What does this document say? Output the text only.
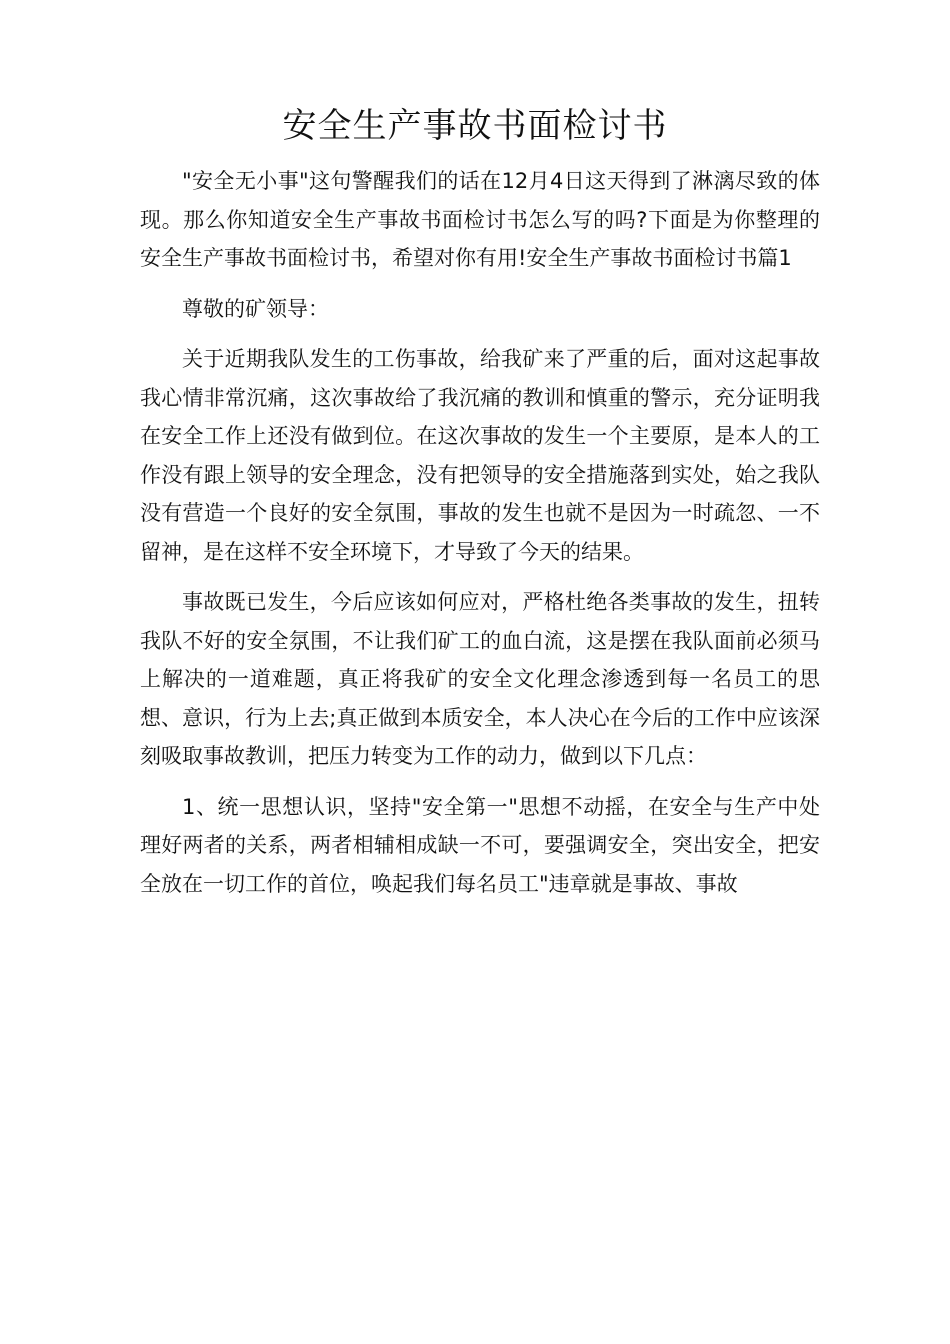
安全生产事故书面检讨书

"安全无小事"这句警醒我们的话在12月4日这天得到了淋漓尽致的体现。那么你知道安全生产事故书面检讨书怎么写的吗?下面是为你整理的安全生产事故书面检讨书，希望对你有用!安全生产事故书面检讨书篇1

尊敬的矿领导：

关于近期我队发生的工伤事故，给我矿来了严重的后，面对这起事故我心情非常沉痛，这次事故给了我沉痛的教训和慎重的警示，充分证明我在安全工作上还没有做到位。在这次事故的发生一个主要原，是本人的工作没有跟上领导的安全理念，没有把领导的安全措施落到实处，始之我队没有营造一个良好的安全氛围，事故的发生也就不是因为一时疏忽、一不留神，是在这样不安全环境下，才导致了今天的结果。

事故既已发生，今后应该如何应对，严格杜绝各类事故的发生，扭转我队不好的安全氛围，不让我们矿工的血白流，这是摆在我队面前必须马上解决的一道难题，真正将我矿的安全文化理念渗透到每一名员工的思想、意识，行为上去;真正做到本质安全，本人决心在今后的工作中应该深刻吸取事故教训，把压力转变为工作的动力，做到以下几点：

1、统一思想认识，坚持"安全第一"思想不动摇，在安全与生产中处理好两者的关系，两者相辅相成缺一不可，要强调安全，突出安全，把安全放在一切工作的首位，唤起我们每名员工"违章就是事故、事故
